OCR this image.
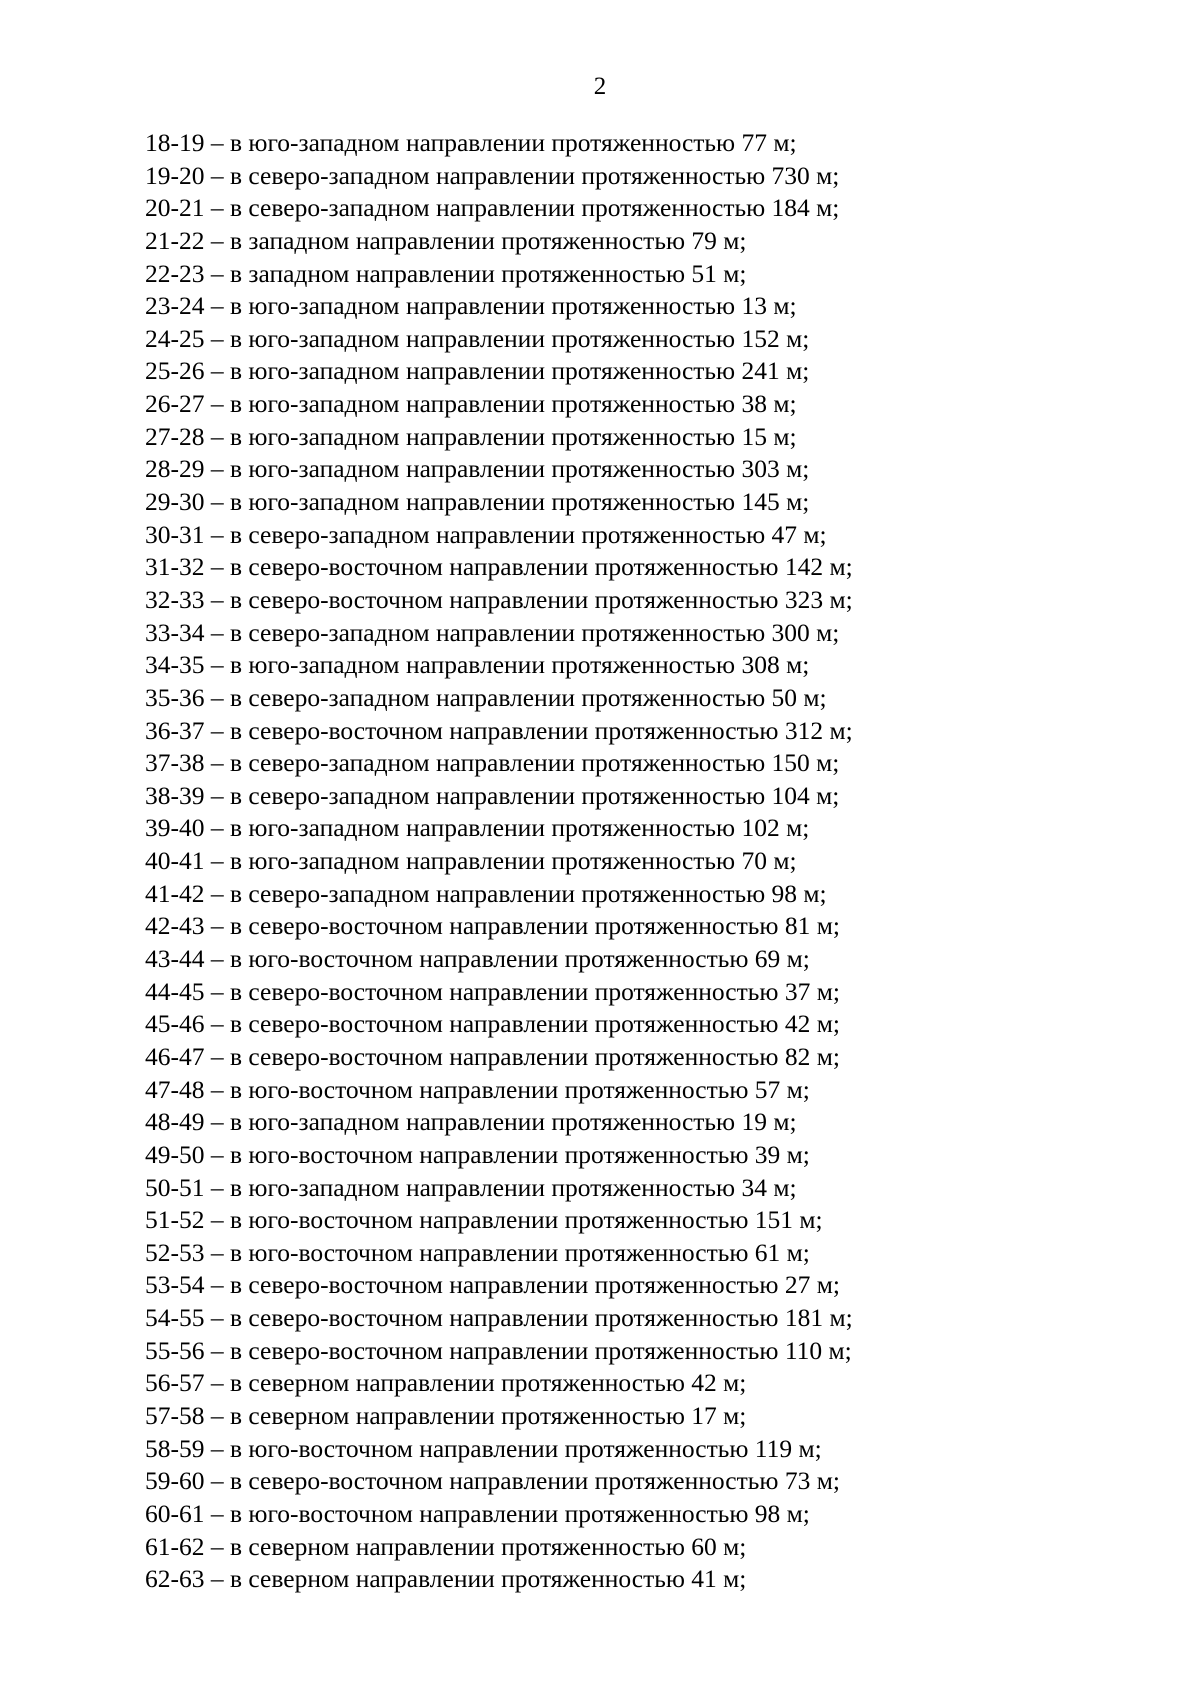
2
18-19 – в юго-западном направлении протяженностью 77 м;
19-20 – в северо-западном направлении протяженностью 730 м;
20-21 – в северо-западном направлении протяженностью 184 м;
21-22 – в западном направлении протяженностью 79 м;
22-23 – в западном направлении протяженностью 51 м;
23-24 – в юго-западном направлении протяженностью 13 м;
24-25 – в юго-западном направлении протяженностью 152 м;
25-26 – в юго-западном направлении протяженностью 241 м;
26-27 – в юго-западном направлении протяженностью 38 м;
27-28 – в юго-западном направлении протяженностью 15 м;
28-29 – в юго-западном направлении протяженностью 303 м;
29-30 – в юго-западном направлении протяженностью 145 м;
30-31 – в северо-западном направлении протяженностью 47 м;
31-32 – в северо-восточном направлении протяженностью 142 м;
32-33 – в северо-восточном направлении протяженностью 323 м;
33-34 – в северо-западном направлении протяженностью 300 м;
34-35 – в юго-западном направлении протяженностью 308 м;
35-36 – в северо-западном направлении протяженностью 50 м;
36-37 – в северо-восточном направлении протяженностью 312 м;
37-38 – в северо-западном направлении протяженностью 150 м;
38-39 – в северо-западном направлении протяженностью 104 м;
39-40 – в юго-западном направлении протяженностью 102 м;
40-41 – в юго-западном направлении протяженностью 70 м;
41-42 – в северо-западном направлении протяженностью 98 м;
42-43 – в северо-восточном направлении протяженностью 81 м;
43-44 – в юго-восточном направлении протяженностью 69 м;
44-45 – в северо-восточном направлении протяженностью 37 м;
45-46 – в северо-восточном направлении протяженностью 42 м;
46-47 – в северо-восточном направлении протяженностью 82 м;
47-48 – в юго-восточном направлении протяженностью 57 м;
48-49 – в юго-западном направлении протяженностью 19 м;
49-50 – в юго-восточном направлении протяженностью 39 м;
50-51 – в юго-западном направлении протяженностью 34 м;
51-52 – в юго-восточном направлении протяженностью 151 м;
52-53 – в юго-восточном направлении протяженностью 61 м;
53-54 – в северо-восточном направлении протяженностью 27 м;
54-55 – в северо-восточном направлении протяженностью 181 м;
55-56 – в северо-восточном направлении протяженностью 110 м;
56-57 – в северном направлении протяженностью 42 м;
57-58 – в северном направлении протяженностью 17 м;
58-59 – в юго-восточном направлении протяженностью 119 м;
59-60 – в северо-восточном направлении протяженностью 73 м;
60-61 – в юго-восточном направлении протяженностью 98 м;
61-62 – в северном направлении протяженностью 60 м;
62-63 – в северном направлении протяженностью 41 м;
